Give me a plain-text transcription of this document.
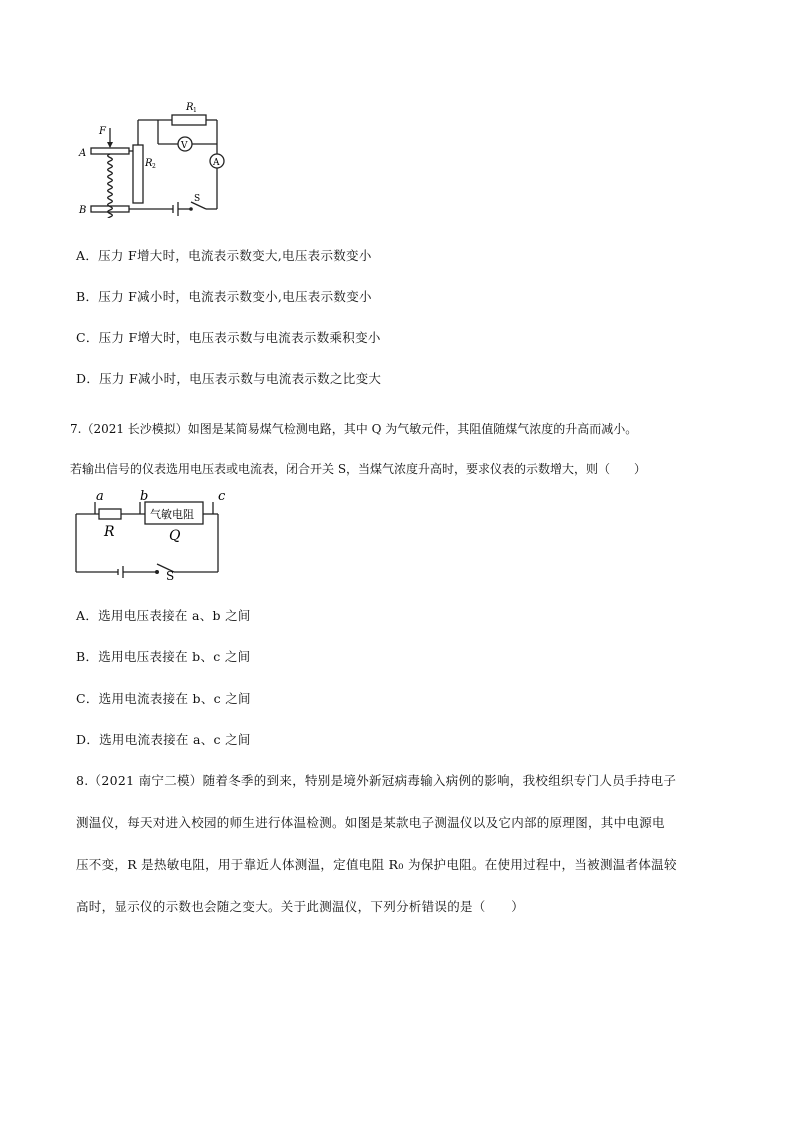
F
A
B
R 1
R 2
V
A
S
A．压力 F增大时，电流表示数变大,电压表示数变小
B．压力 F减小时，电流表示数变小,电压表示数变小
C．压力 F增大时，电压表示数与电流表示数乘积变小
D．压力 F减小时，电压表示数与电流表示数之比变大
7.（2021 长沙模拟）如图是某简易煤气检测电路，其中 Q 为气敏元件，其阻值随煤气浓度的升高而减小。
若输出信号的仪表选用电压表或电流表，闭合开关 S，当煤气浓度升高时，要求仪表的示数增大，则（　　）
a	b	c
R	Q
气敏电阻
S
A．选用电压表接在 a、b 之间
B．选用电压表接在 b、c 之间
C．选用电流表接在 b、c 之间
D．选用电流表接在 a、c 之间
8.（2021 南宁二模）随着冬季的到来，特别是境外新冠病毒输入病例的影响，我校组织专门人员手持电子
测温仪，每天对进入校园的师生进行体温检测。如图是某款电子测温仪以及它内部的原理图，其中电源电
压不变，R 是热敏电阻，用于靠近人体测温，定值电阻 R₀ 为保护电阻。在使用过程中，当被测温者体温较
高时，显示仪的示数也会随之变大。关于此测温仪，下列分析错误的是（　　）
